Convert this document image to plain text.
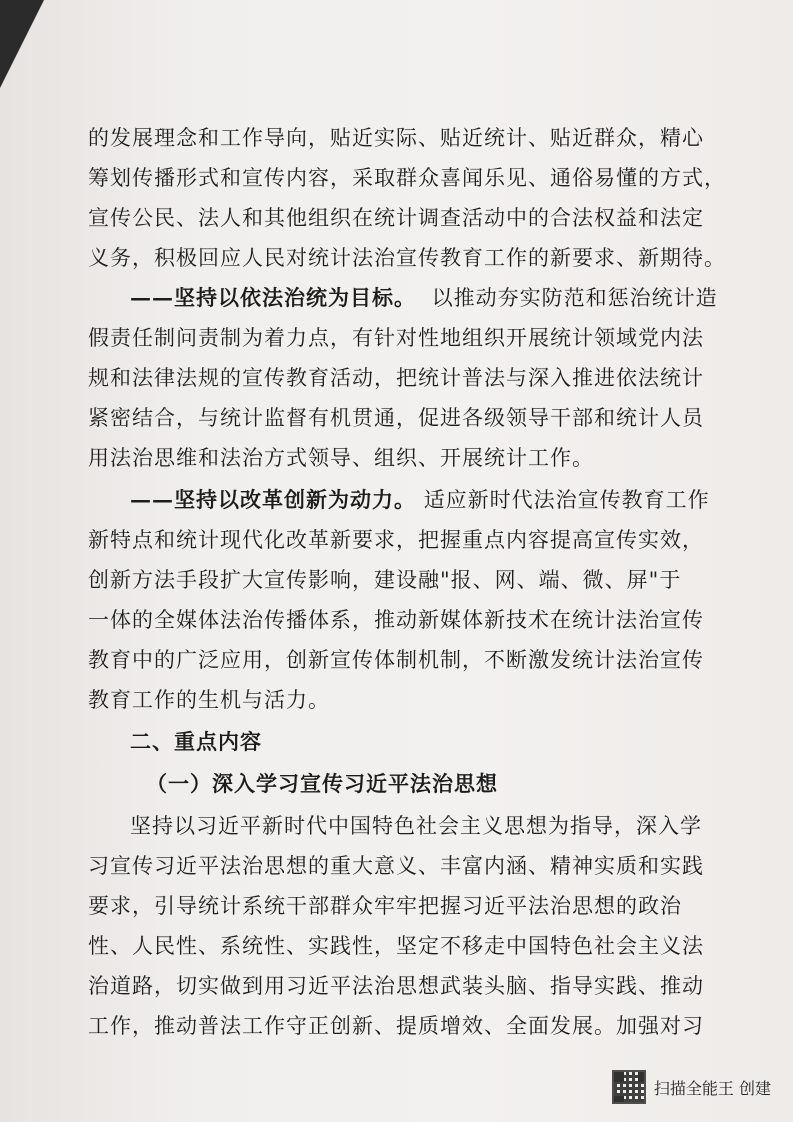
的发展理念和工作导向，贴近实际、贴近统计、贴近群众，精心
筹划传播形式和宣传内容，采取群众喜闻乐见、通俗易懂的方式，
宣传公民、法人和其他组织在统计调查活动中的合法权益和法定
义务，积极回应人民对统计法治宣传教育工作的新要求、新期待。
——坚持以依法治统为目标。 以推动夯实防范和惩治统计造
假责任制问责制为着力点，有针对性地组织开展统计领域党内法
规和法律法规的宣传教育活动，把统计普法与深入推进依法统计
紧密结合，与统计监督有机贯通，促进各级领导干部和统计人员
用法治思维和法治方式领导、组织、开展统计工作。
——坚持以改革创新为动力。 适应新时代法治宣传教育工作
新特点和统计现代化改革新要求，把握重点内容提高宣传实效，
创新方法手段扩大宣传影响，建设融"报、网、端、微、屏"于
一体的全媒体法治传播体系，推动新媒体新技术在统计法治宣传
教育中的广泛应用，创新宣传体制机制，不断激发统计法治宣传
教育工作的生机与活力。
二、重点内容
（一）深入学习宣传习近平法治思想
坚持以习近平新时代中国特色社会主义思想为指导，深入学
习宣传习近平法治思想的重大意义、丰富内涵、精神实质和实践
要求，引导统计系统干部群众牢牢把握习近平法治思想的政治
性、人民性、系统性、实践性，坚定不移走中国特色社会主义法
治道路，切实做到用习近平法治思想武装头脑、指导实践、推动
工作，推动普法工作守正创新、提质增效、全面发展。加强对习
扫描全能王 创建
